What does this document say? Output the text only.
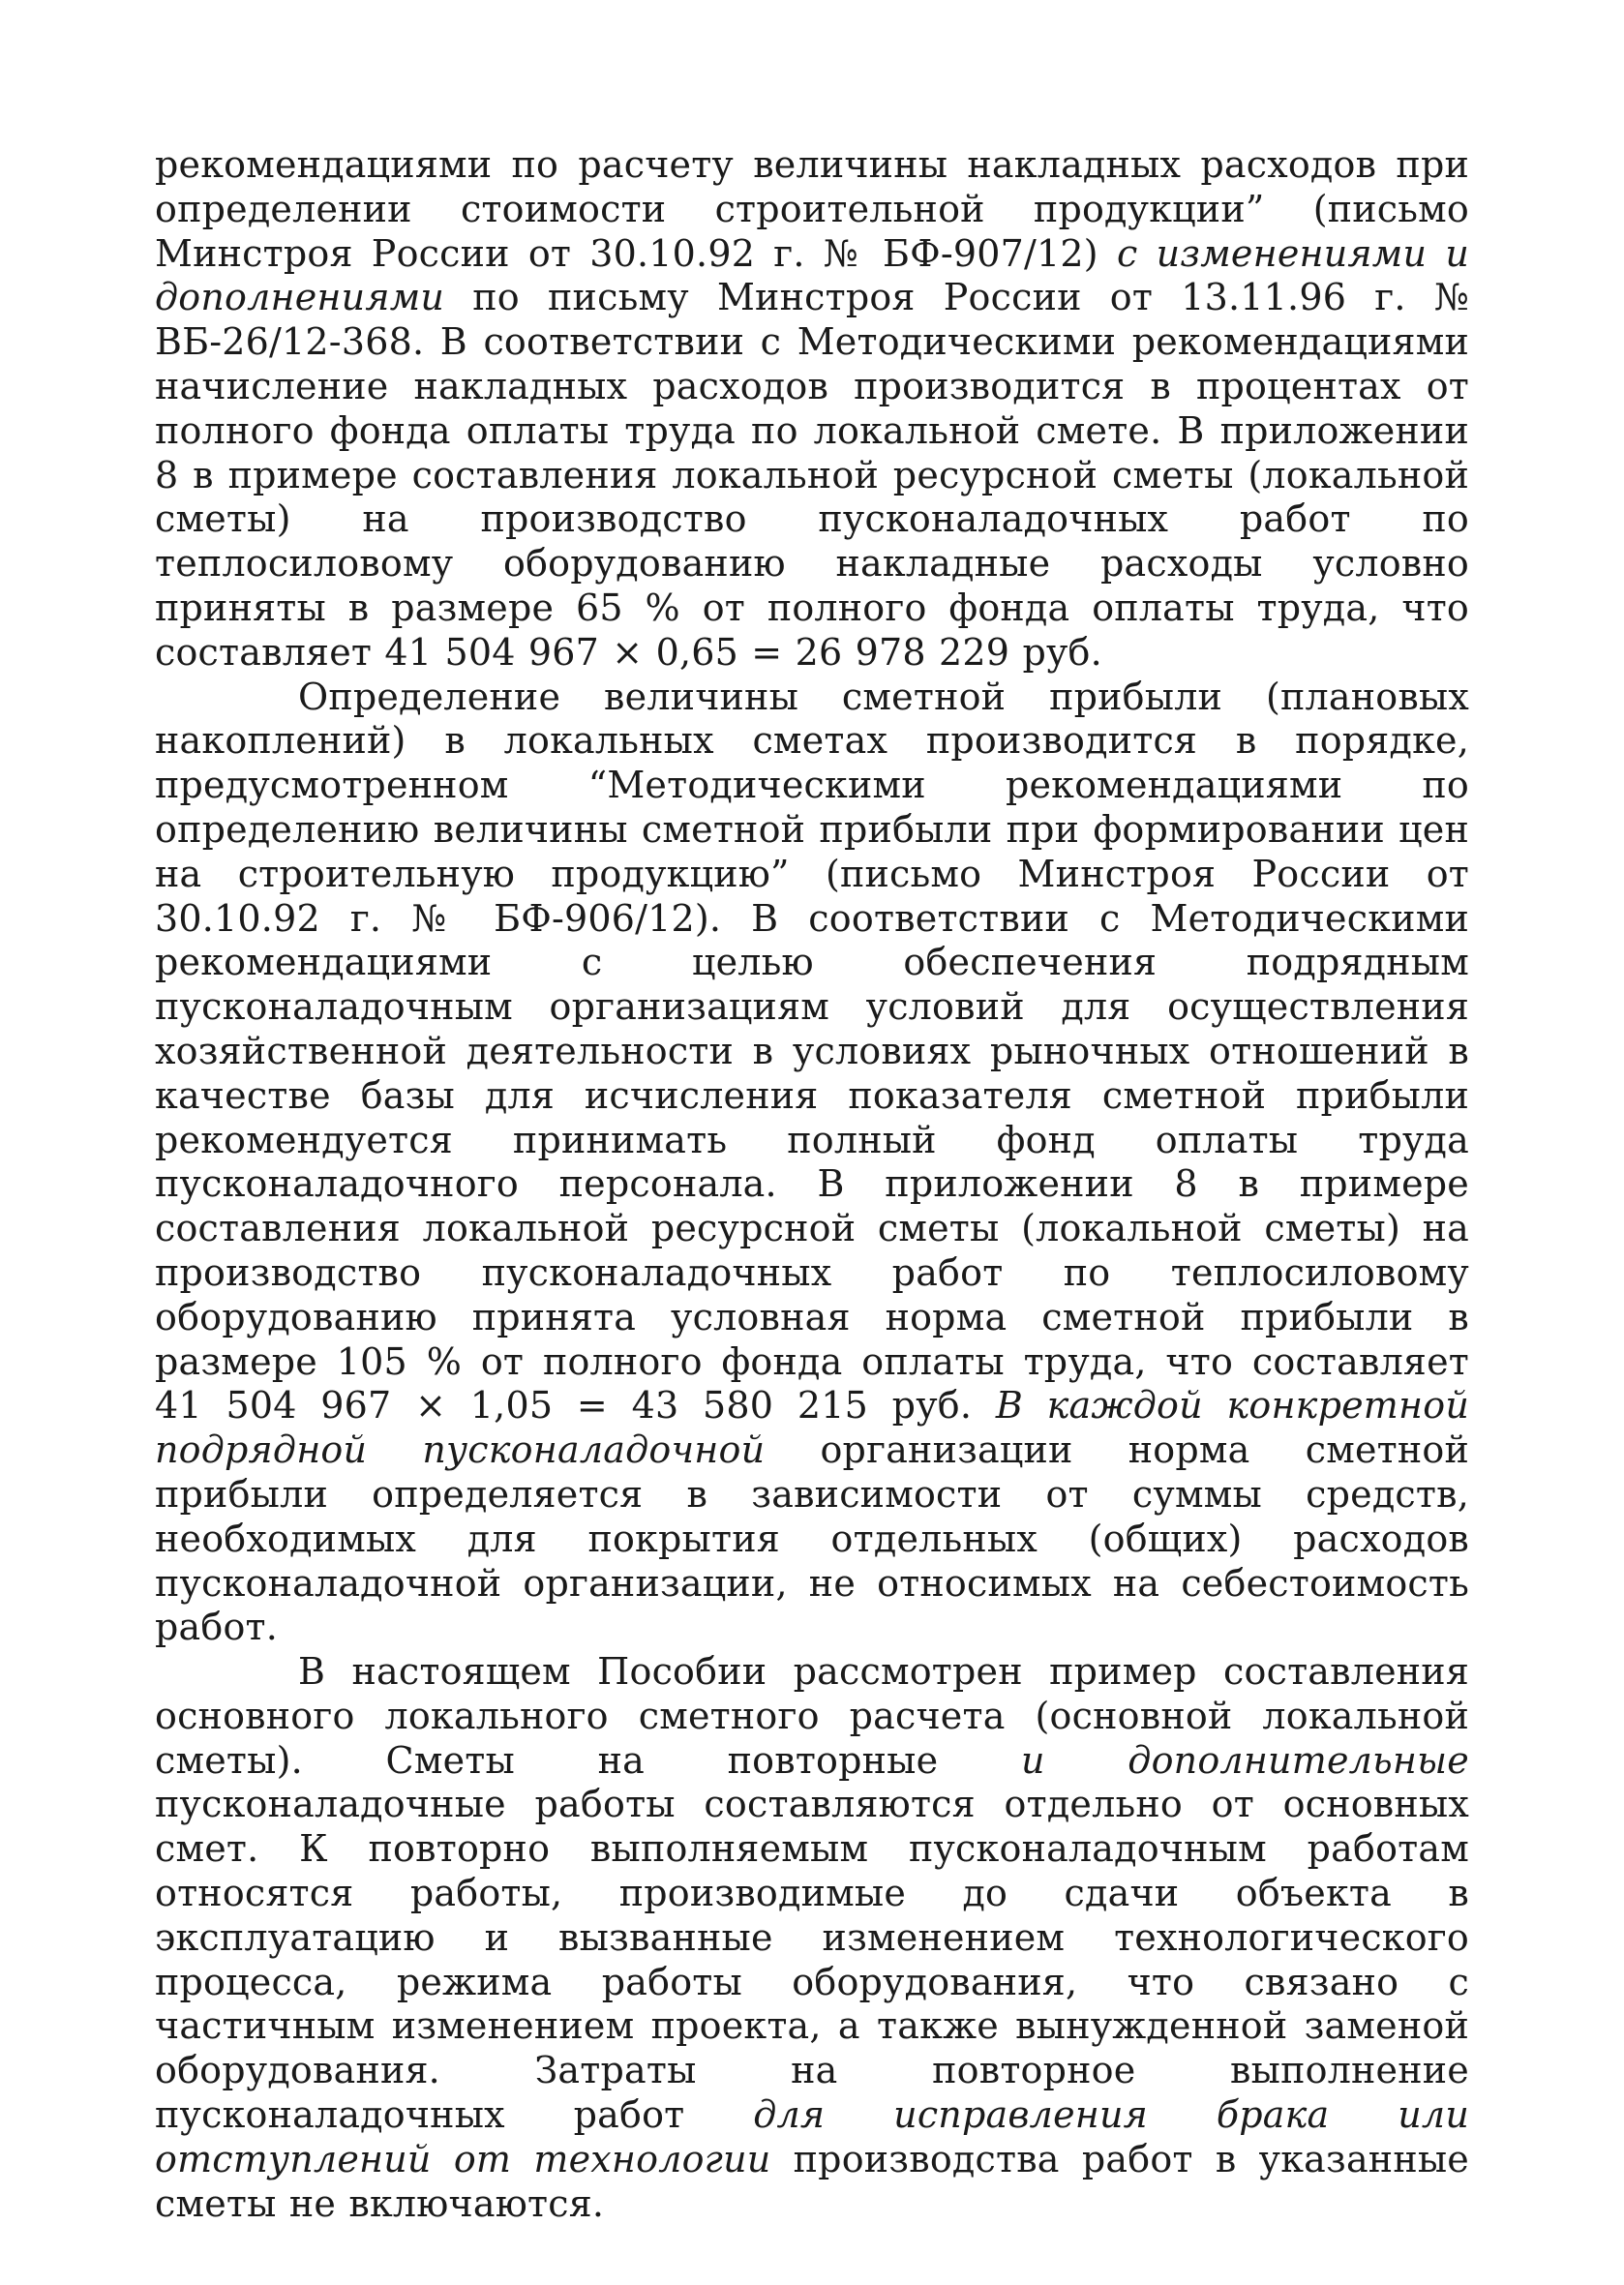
рекомендациями по расчету величины накладных расходов при определении стоимости строительной продукции” (письмо Минстроя России от 30.10.92 г. № БФ-907/12) с изменениями и дополнениями по письму Минстроя России от 13.11.96 г. № ВБ-26/12-368. В соответствии с Методическими рекомендациями начисление накладных расходов производится в процентах от полного фонда оплаты труда по локальной смете. В приложении 8 в примере составления локальной ресурсной сметы (локальной сметы) на производство пусконаладочных работ по теплосиловому оборудованию накладные расходы условно приняты в размере 65 % от полного фонда оплаты труда, что составляет 41 504 967 × 0,65 = 26 978 229 руб.

Определение величины сметной прибыли (плановых накоплений) в локальных сметах производится в порядке, предусмотренном “Методическими рекомендациями по определению величины сметной прибыли при формировании цен на строительную продукцию” (письмо Минстроя России от 30.10.92 г. № БФ-906/12). В соответствии с Методическими рекомендациями с целью обеспечения подрядным пусконаладочным организациям условий для осуществления хозяйственной деятельности в условиях рыночных отношений в качестве базы для исчисления показателя сметной прибыли рекомендуется принимать полный фонд оплаты труда пусконаладочного персонала. В приложении 8 в примере составления локальной ресурсной сметы (локальной сметы) на производство пусконаладочных работ по теплосиловому оборудованию принята условная норма сметной прибыли в размере 105 % от полного фонда оплаты труда, что составляет 41 504 967 × 1,05 = 43 580 215 руб. В каждой конкретной подрядной пусконаладочной организации норма сметной прибыли определяется в зависимости от суммы средств, необходимых для покрытия отдельных (общих) расходов пусконаладочной организации, не относимых на себестоимость работ.

В настоящем Пособии рассмотрен пример составления основного локального сметного расчета (основной локальной сметы). Сметы на повторные и дополнительные пусконаладочные работы составляются отдельно от основных смет. К повторно выполняемым пусконаладочным работам относятся работы, производимые до сдачи объекта в эксплуатацию и вызванные изменением технологического процесса, режима работы оборудования, что связано с частичным изменением проекта, а также вынужденной заменой оборудования. Затраты на повторное выполнение пусконаладочных работ для исправления брака или отступлений от технологии производства работ в указанные сметы не включаются.
